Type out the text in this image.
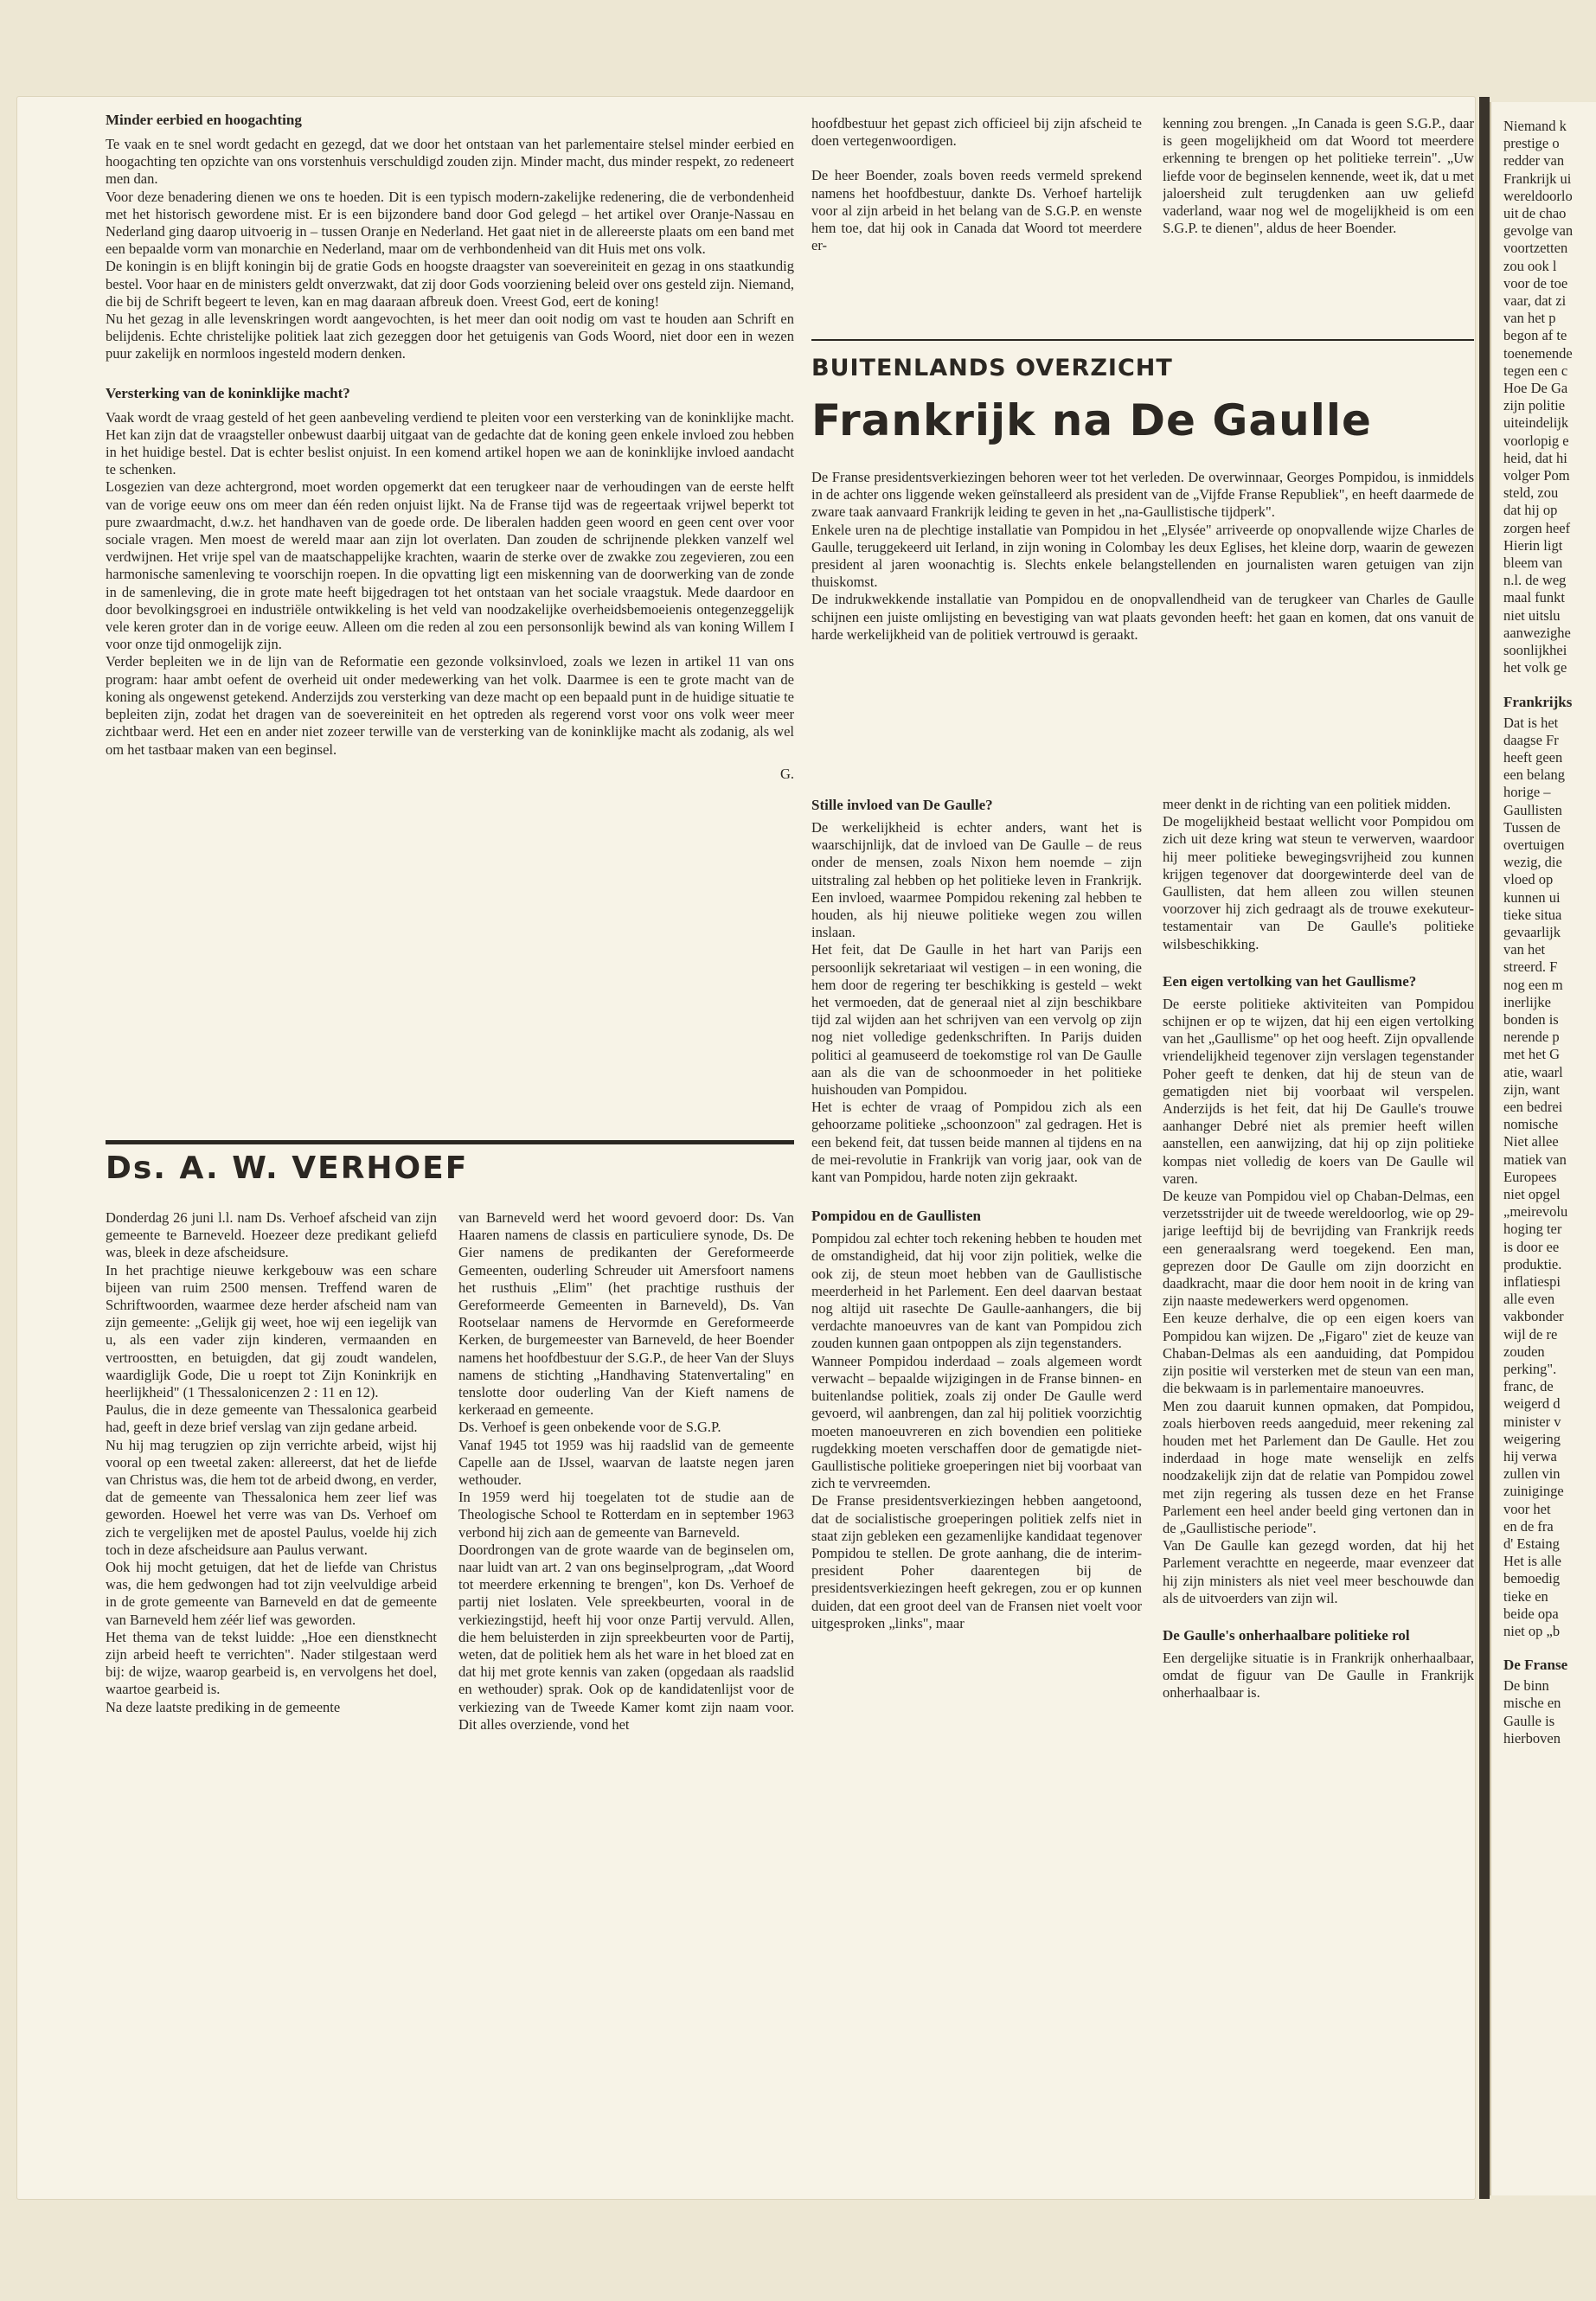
Minder eerbied en hoogachting

Te vaak en te snel wordt gedacht en gezegd, dat we door het ontstaan van het parlementaire stelsel minder eerbied en hoogachting ten opzichte van ons vorstenhuis verschuldigd zouden zijn. Minder macht, dus minder respekt, zo redeneert men dan.

Voor deze benadering dienen we ons te hoeden. Dit is een typisch modern-zakelijke redenering, die de verbondenheid met het historisch gewordene mist. Er is een bijzondere band door God gelegd – het artikel over Oranje-Nassau en Nederland ging daarop uitvoerig in – tussen Oranje en Nederland. Het gaat niet in de allereerste plaats om een band met een bepaalde vorm van monarchie en Nederland, maar om de verhbondenheid van dit Huis met ons volk.

De koningin is en blijft koningin bij de gratie Gods en hoogste draagster van soevereiniteit en gezag in ons staatkundig bestel. Voor haar en de ministers geldt onverzwakt, dat zij door Gods voorziening beleid over ons gesteld zijn. Niemand, die bij de Schrift begeert te leven, kan en mag daaraan afbreuk doen. Vreest God, eert de koning!

Nu het gezag in alle levenskringen wordt aangevochten, is het meer dan ooit nodig om vast te houden aan Schrift en belijdenis. Echte christelijke politiek laat zich gezeggen door het getuigenis van Gods Woord, niet door een in wezen puur zakelijk en normloos ingesteld modern denken.

Versterking van de koninklijke macht?

Vaak wordt de vraag gesteld of het geen aanbeveling verdiend te pleiten voor een versterking van de koninklijke macht. Het kan zijn dat de vraagsteller onbewust daarbij uitgaat van de gedachte dat de koning geen enkele invloed zou hebben in het huidige bestel. Dat is echter beslist onjuist. In een komend artikel hopen we aan de koninklijke invloed aandacht te schenken.

Losgezien van deze achtergrond, moet worden opgemerkt dat een terugkeer naar de verhoudingen van de eerste helft van de vorige eeuw ons om meer dan één reden onjuist lijkt. Na de Franse tijd was de regeertaak vrijwel beperkt tot pure zwaardmacht, d.w.z. het handhaven van de goede orde. De liberalen hadden geen woord en geen cent over voor sociale vragen. Men moest de wereld maar aan zijn lot overlaten. Dan zouden de schrijnende plekken vanzelf wel verdwijnen. Het vrije spel van de maatschappelijke krachten, waarin de sterke over de zwakke zou zegevieren, zou een harmonische samenleving te voorschijn roepen. In die opvatting ligt een miskenning van de doorwerking van de zonde in de samenleving, die in grote mate heeft bijgedragen tot het ontstaan van het sociale vraagstuk. Mede daardoor en door bevolkingsgroei en industriële ontwikkeling is het veld van noodzakelijke overheidsbemoeienis ontegenzeggelijk vele keren groter dan in de vorige eeuw. Alleen om die reden al zou een personsonlijk bewind als van koning Willem I voor onze tijd onmogelijk zijn.

Verder bepleiten we in de lijn van de Reformatie een gezonde volksinvloed, zoals we lezen in artikel 11 van ons program: haar ambt oefent de overheid uit onder medewerking van het volk. Daarmee is een te grote macht van de koning als ongewenst getekend. Anderzijds zou versterking van deze macht op een bepaald punt in de huidige situatie te bepleiten zijn, zodat het dragen van de soevereiniteit en het optreden als regerend vorst voor ons volk weer meer zichtbaar werd. Het een en ander niet zozeer terwille van de versterking van de koninklijke macht als zodanig, als wel om het tastbaar maken van een beginsel.

G.

Ds. A. W. VERHOEF

Donderdag 26 juni l.l. nam Ds. Verhoef afscheid van zijn gemeente te Barneveld. Hoezeer deze predikant geliefd was, bleek in deze afscheidsure.

In het prachtige nieuwe kerkgebouw was een schare bijeen van ruim 2500 mensen. Treffend waren de Schriftwoorden, waarmee deze herder afscheid nam van zijn gemeente: „Gelijk gij weet, hoe wij een iegelijk van u, als een vader zijn kinderen, vermaanden en vertroostten, en betuigden, dat gij zoudt wandelen, waardiglijk Gode, Die u roept tot Zijn Koninkrijk en heerlijkheid" (1 Thessalonicenzen 2 : 11 en 12).

Paulus, die in deze gemeente van Thessalonica gearbeid had, geeft in deze brief verslag van zijn gedane arbeid.

Nu hij mag terugzien op zijn verrichte arbeid, wijst hij vooral op een tweetal zaken: allereerst, dat het de liefde van Christus was, die hem tot de arbeid dwong, en verder, dat de gemeente van Thessalonica hem zeer lief was geworden. Hoewel het verre was van Ds. Verhoef om zich te vergelijken met de apostel Paulus, voelde hij zich toch in deze afscheidsure aan Paulus verwant.

Ook hij mocht getuigen, dat het de liefde van Christus was, die hem gedwongen had tot zijn veelvuldige arbeid in de grote gemeente van Barneveld en dat de gemeente van Barneveld hem zéér lief was geworden.

Het thema van de tekst luidde: „Hoe een dienstknecht zijn arbeid heeft te verrichten". Nader stilgestaan werd bij: de wijze, waarop gearbeid is, en vervolgens het doel, waartoe gearbeid is.

Na deze laatste prediking in de gemeente

van Barneveld werd het woord gevoerd door: Ds. Van Haaren namens de classis en particuliere synode, Ds. De Gier namens de predikanten der Gereformeerde Gemeenten, ouderling Schreuder uit Amersfoort namens het rusthuis „Elim" (het prachtige rusthuis der Gereformeerde Gemeenten in Barneveld), Ds. Van Rootselaar namens de Hervormde en Gereformeerde Kerken, de burgemeester van Barneveld, de heer Boender namens het hoofdbestuur der S.G.P., de heer Van der Sluys namens de stichting „Handhaving Statenvertaling" en tenslotte door ouderling Van der Kieft namens de kerkeraad en gemeente.

Ds. Verhoef is geen onbekende voor de S.G.P.

Vanaf 1945 tot 1959 was hij raadslid van de gemeente Capelle aan de IJssel, waarvan de laatste negen jaren wethouder.

In 1959 werd hij toegelaten tot de studie aan de Theologische School te Rotterdam en in september 1963 verbond hij zich aan de gemeente van Barneveld.

Doordrongen van de grote waarde van de beginselen om, naar luidt van art. 2 van ons beginselprogram, „dat Woord tot meerdere erkenning te brengen", kon Ds. Verhoef de partij niet loslaten. Vele spreekbeurten, vooral in de verkiezingstijd, heeft hij voor onze Partij vervuld. Allen, die hem beluisterden in zijn spreekbeurten voor de Partij, weten, dat de politiek hem als het ware in het bloed zat en dat hij met grote kennis van zaken (opgedaan als raadslid en wethouder) sprak. Ook op de kandidatenlijst voor de verkiezing van de Tweede Kamer komt zijn naam voor. Dit alles overziende, vond het

hoofdbestuur het gepast zich officieel bij zijn afscheid te doen vertegenwoordigen.

De heer Boender, zoals boven reeds vermeld sprekend namens het hoofdbestuur, dankte Ds. Verhoef hartelijk voor al zijn arbeid in het belang van de S.G.P. en wenste hem toe, dat hij ook in Canada dat Woord tot meerdere er-

kenning zou brengen. „In Canada is geen S.G.P., daar is geen mogelijkheid om dat Woord tot meerdere erkenning te brengen op het politieke terrein". „Uw liefde voor de beginselen kennende, weet ik, dat u met jaloersheid zult terugdenken aan uw geliefd vaderland, waar nog wel de mogelijkheid is om een S.G.P. te dienen", aldus de heer Boender.

BUITENLANDS OVERZICHT
Frankrijk na De Gaulle

De Franse presidentsverkiezingen behoren weer tot het verleden. De overwinnaar, Georges Pompidou, is inmiddels in de achter ons liggende weken geïnstalleerd als president van de „Vijfde Franse Republiek", en heeft daarmede de zware taak aanvaard Frankrijk leiding te geven in het „na-Gaullistische tijdperk".

Enkele uren na de plechtige installatie van Pompidou in het „Elysée" arriveerde op onopvallende wijze Charles de Gaulle, teruggekeerd uit Ierland, in zijn woning in Colombay les deux Eglises, het kleine dorp, waarin de gewezen president al jaren woonachtig is. Slechts enkele belangstellenden en journalisten waren getuigen van zijn thuiskomst.

De indrukwekkende installatie van Pompidou en de onopvallendheid van de terugkeer van Charles de Gaulle schijnen een juiste omlijsting en bevestiging van wat plaats gevonden heeft: het gaan en komen, dat ons vanuit de harde werkelijkheid van de politiek vertrouwd is geraakt.

Stille invloed van De Gaulle?

De werkelijkheid is echter anders, want het is waarschijnlijk, dat de invloed van De Gaulle – de reus onder de mensen, zoals Nixon hem noemde – zijn uitstraling zal hebben op het politieke leven in Frankrijk. Een invloed, waarmee Pompidou rekening zal hebben te houden, als hij nieuwe politieke wegen zou willen inslaan.

Het feit, dat De Gaulle in het hart van Parijs een persoonlijk sekretariaat wil vestigen – in een woning, die hem door de regering ter beschikking is gesteld – wekt het vermoeden, dat de generaal niet al zijn beschikbare tijd zal wijden aan het schrijven van een vervolg op zijn nog niet volledige gedenkschriften. In Parijs duiden politici al geamuseerd de toekomstige rol van De Gaulle aan als die van de schoonmoeder in het politieke huishouden van Pompidou.

Het is echter de vraag of Pompidou zich als een gehoorzame politieke „schoonzoon" zal gedragen. Het is een bekend feit, dat tussen beide mannen al tijdens en na de mei-revolutie in Frankrijk van vorig jaar, ook van de kant van Pompidou, harde noten zijn gekraakt.

Pompidou en de Gaullisten

Pompidou zal echter toch rekening hebben te houden met de omstandigheid, dat hij voor zijn politiek, welke die ook zij, de steun moet hebben van de Gaullistische meerderheid in het Parlement. Een deel daarvan bestaat nog altijd uit rasechte De Gaulle-aanhangers, die bij verdachte manoeuvres van de kant van Pompidou zich zouden kunnen gaan ontpoppen als zijn tegenstanders.

Wanneer Pompidou inderdaad – zoals algemeen wordt verwacht – bepaalde wijzigingen in de Franse binnen- en buitenlandse politiek, zoals zij onder De Gaulle werd gevoerd, wil aanbrengen, dan zal hij politiek voorzichtig moeten manoeuvreren en zich bovendien een politieke rugdekking moeten verschaffen door de gematigde niet-Gaullistische politieke groeperingen niet bij voorbaat van zich te vervreemden.

De Franse presidentsverkiezingen hebben aangetoond, dat de socialistische groeperingen politiek zelfs niet in staat zijn gebleken een gezamenlijke kandidaat tegenover Pompidou te stellen. De grote aanhang, die de interim-president Poher daarentegen bij de presidentsverkiezingen heeft gekregen, zou er op kunnen duiden, dat een groot deel van de Fransen niet voelt voor uitgesproken „links", maar

meer denkt in de richting van een politiek midden.

De mogelijkheid bestaat wellicht voor Pompidou om zich uit deze kring wat steun te verwerven, waardoor hij meer politieke bewegingsvrijheid zou kunnen krijgen tegenover dat doorgewinterde deel van de Gaullisten, dat hem alleen zou willen steunen voorzover hij zich gedraagt als de trouwe exekuteur-testamentair van De Gaulle's politieke wilsbeschikking.

Een eigen vertolking van het Gaullisme?

De eerste politieke aktiviteiten van Pompidou schijnen er op te wijzen, dat hij een eigen vertolking van het „Gaullisme" op het oog heeft. Zijn opvallende vriendelijkheid tegenover zijn verslagen tegenstander Poher geeft te denken, dat hij de steun van de gematigden niet bij voorbaat wil verspelen. Anderzijds is het feit, dat hij De Gaulle's trouwe aanhanger Debré niet als premier heeft willen aanstellen, een aanwijzing, dat hij op zijn politieke kompas niet volledig de koers van De Gaulle wil varen.

De keuze van Pompidou viel op Chaban-Delmas, een verzetsstrijder uit de tweede wereldoorlog, wie op 29-jarige leeftijd bij de bevrijding van Frankrijk reeds een generaalsrang werd toegekend. Een man, geprezen door De Gaulle om zijn doorzicht en daadkracht, maar die door hem nooit in de kring van zijn naaste medewerkers werd opgenomen.

Een keuze derhalve, die op een eigen koers van Pompidou kan wijzen. De „Figaro" ziet de keuze van Chaban-Delmas als een aanduiding, dat Pompidou zijn positie wil versterken met de steun van een man, die bekwaam is in parlementaire manoeuvres.

Men zou daaruit kunnen opmaken, dat Pompidou, zoals hierboven reeds aangeduid, meer rekening zal houden met het Parlement dan De Gaulle. Het zou inderdaad in hoge mate wenselijk en zelfs noodzakelijk zijn dat de relatie van Pompidou zowel met zijn regering als tussen deze en het Franse Parlement een heel ander beeld ging vertonen dan in de „Gaullistische periode".

Van De Gaulle kan gezegd worden, dat hij het Parlement verachtte en negeerde, maar evenzeer dat hij zijn ministers als niet veel meer beschouwde dan als de uitvoerders van zijn wil.

De Gaulle's onherhaalbare politieke rol

Een dergelijke situatie is in Frankrijk onherhaalbaar, omdat de figuur van De Gaulle in Frankrijk onherhaalbaar is.

Niemand k

prestige o

redder van

Frankrijk ui

wereldoorlo

uit de chao

gevolge van

voortzetten

zou ook l

voor de toe

vaar, dat zi

van het p

begon af te

toenemende

tegen een c

Hoe De Ga

zijn politie

uiteindelijk

voorlopig e

heid, dat hi

volger Pom

steld, zou

dat hij op

zorgen heef

Hierin ligt

bleem van

n.l. de weg

maal funkt

niet uitslu

aanwezighe

soonlijkhei

het volk ge

Frankrijks

Dat is het

daagse Fr

heeft geen

een belang

horige –

Gaullisten

Tussen de

overtuigen

wezig, die

vloed op

kunnen ui

tieke situa

gevaarlijk

van het

streerd. F

nog een m

inerlijke

bonden is

nerende p

met het G

atie, waarl

zijn, want

een bedrei

nomische

Niet allee

matiek van

Europees

niet opgel

„meirevolu

hoging ter

is door ee

produktie.

inflatiespi

alle even

vakbonder

wijl de re

zouden

perking".

franc, de

weigerd d

minister v

weigering

hij verwa

zullen vin

zuiniginge

voor het

en de fra

d' Estaing

Het is alle

bemoedig

tieke en

beide opa

niet op „b

De Franse

De binn

mische en

Gaulle is

hierboven
